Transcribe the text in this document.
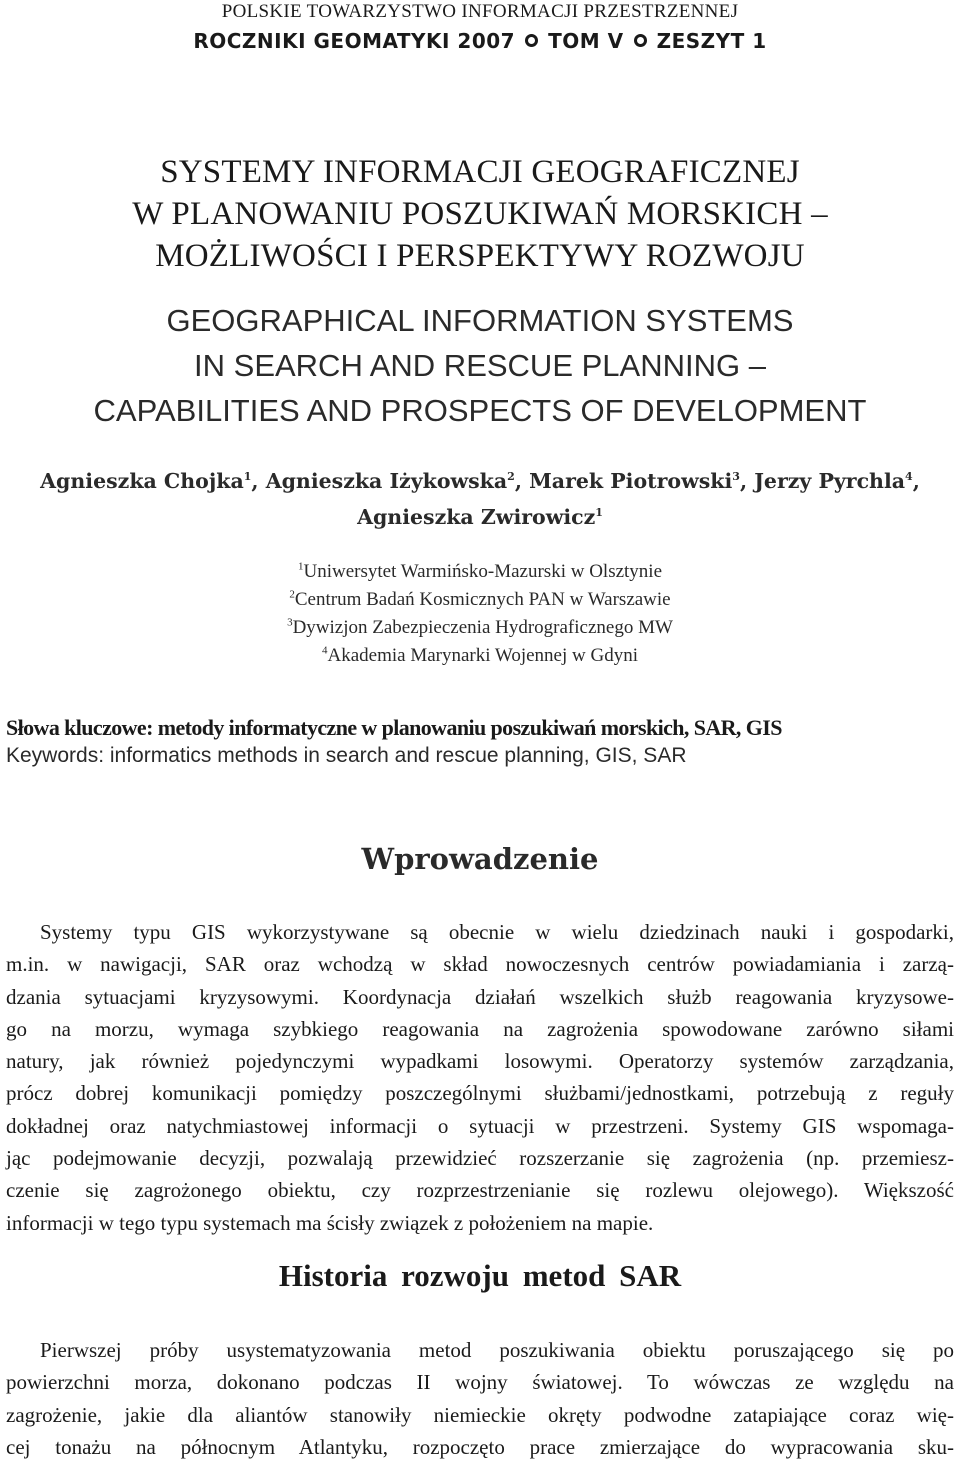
POLSKIE TOWARZYSTWO INFORMACJI PRZESTRZENNEJ
ROCZNIKI GEOMATYKI 2007 TOM V ZESZYT 1
SYSTEMY INFORMACJI GEOGRAFICZNEJ
W PLANOWANIU POSZUKIWAŃ MORSKICH –
MOŻLIWOŚCI I PERSPEKTYWY ROZWOJU
GEOGRAPHICAL INFORMATION SYSTEMS
IN SEARCH AND RESCUE PLANNING –
CAPABILITIES AND PROSPECTS OF DEVELOPMENT
Agnieszka Chojka$^1$, Agnieszka Iżykowska$^2$, Marek Piotrowski$^3$, Jerzy Pyrchla$^4$,
Agnieszka Zwirowicz$^1$
$^1$Uniwersytet Warmińsko-Mazurski w Olsztynie
$^2$Centrum Badań Kosmicznych PAN w Warszawie
$^3$Dywizjon Zabezpieczenia Hydrograficznego MW
$^4$Akademia Marynarki Wojennej w Gdyni
Słowa kluczowe: metody informatyczne w planowaniu poszukiwań morskich, SAR, GIS
Keywords: informatics methods in search and rescue planning, GIS, SAR
Wprowadzenie
Systemy typu GIS wykorzystywane są obecnie w wielu dziedzinach nauki i gospodarki,
m.in. w nawigacji, SAR oraz wchodzą w skład nowoczesnych centrów powiadamiania i zarzą-
dzania sytuacjami kryzysowymi. Koordynacja działań wszelkich służb reagowania kryzysowe-
go na morzu, wymaga szybkiego reagowania na zagrożenia spowodowane zarówno siłami
natury, jak również pojedynczymi wypadkami losowymi. Operatorzy systemów zarządzania,
prócz dobrej komunikacji pomiędzy poszczególnymi służbami/jednostkami, potrzebują z reguły
dokładnej oraz natychmiastowej informacji o sytuacji w przestrzeni. Systemy GIS wspomaga-
jąc podejmowanie decyzji, pozwalają przewidzieć rozszerzanie się zagrożenia (np. przemiesz-
czenie się zagrożonego obiektu, czy rozprzestrzenianie się rozlewu olejowego). Większość
informacji w tego typu systemach ma ścisły związek z położeniem na mapie.
Historia rozwoju metod SAR
Pierwszej próby usystematyzowania metod poszukiwania obiektu poruszającego się po
powierzchni morza, dokonano podczas II wojny światowej. To wówczas ze względu na
zagrożenie, jakie dla aliantów stanowiły niemieckie okręty podwodne zatapiające coraz wię-
cej tonażu na północnym Atlantyku, rozpoczęto prace zmierzające do wypracowania sku-
